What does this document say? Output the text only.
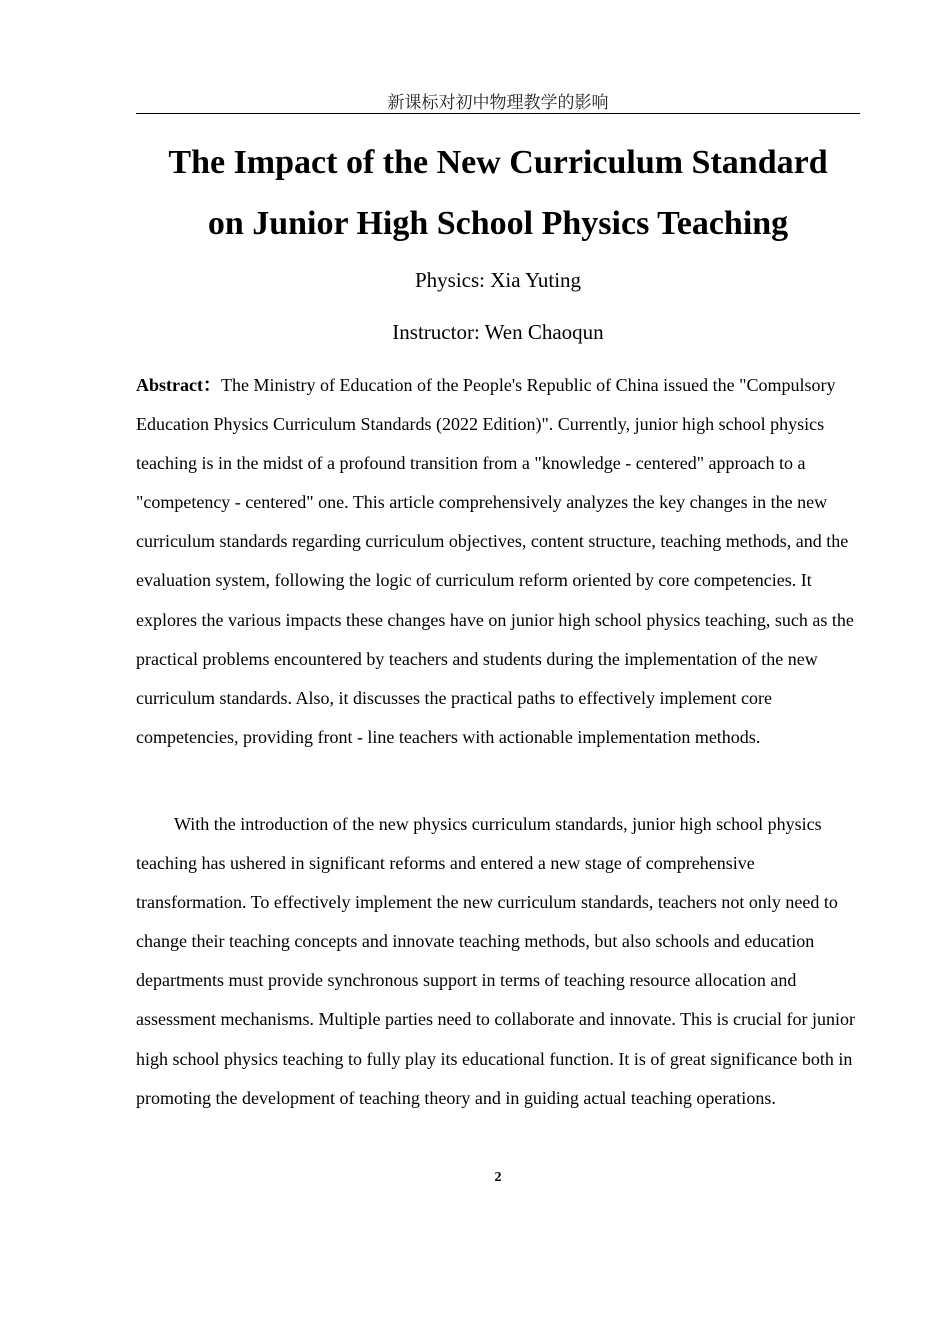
新课标对初中物理教学的影响
The Impact of the New Curriculum Standard
on Junior High School Physics Teaching
Physics: Xia Yuting
Instructor: Wen Chaoqun

Abstract：The Ministry of Education of the People's Republic of China issued the "Compulsory Education Physics Curriculum Standards (2022 Edition)". Currently, junior high school physics teaching is in the midst of a profound transition from a "knowledge - centered" approach to a "competency - centered" one. This article comprehensively analyzes the key changes in the new curriculum standards regarding curriculum objectives, content structure, teaching methods, and the evaluation system, following the logic of curriculum reform oriented by core competencies. It explores the various impacts these changes have on junior high school physics teaching, such as the practical problems encountered by teachers and students during the implementation of the new curriculum standards. Also, it discusses the practical paths to effectively implement core competencies, providing front - line teachers with actionable implementation methods.

With the introduction of the new physics curriculum standards, junior high school physics teaching has ushered in significant reforms and entered a new stage of comprehensive transformation. To effectively implement the new curriculum standards, teachers not only need to change their teaching concepts and innovate teaching methods, but also schools and education departments must provide synchronous support in terms of teaching resource allocation and assessment mechanisms. Multiple parties need to collaborate and innovate. This is crucial for junior high school physics teaching to fully play its educational function. It is of great significance both in promoting the development of teaching theory and in guiding actual teaching operations.

2
